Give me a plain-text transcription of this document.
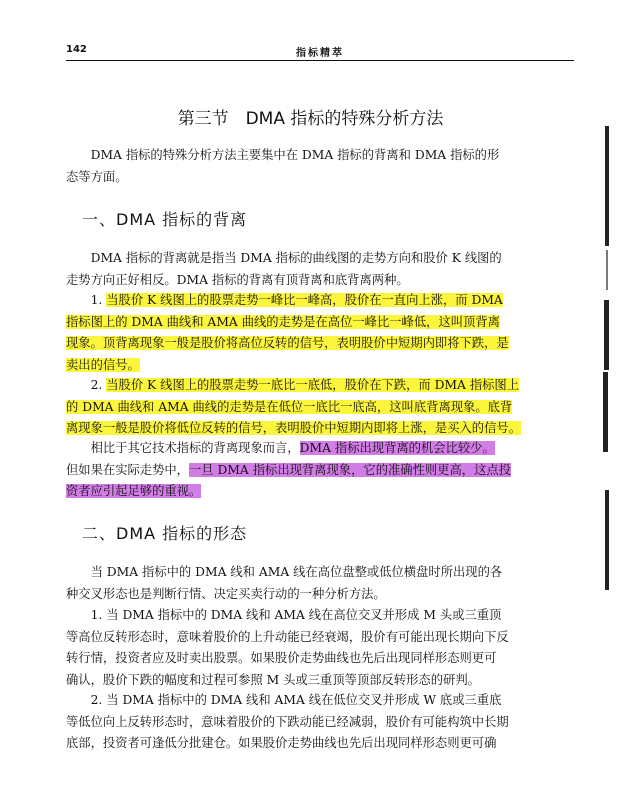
142	指标精萃
第三节　DMA 指标的特殊分析方法
DMA 指标的特殊分析方法主要集中在 DMA 指标的背离和 DMA 指标的形
态等方面。
一、DMA 指标的背离
DMA 指标的背离就是指当 DMA 指标的曲线图的走势方向和股价 K 线图的
走势方向正好相反。DMA 指标的背离有顶背离和底背离两种。
1. 当股价 K 线图上的股票走势一峰比一峰高，股价在一直向上涨，而 DMA
指标图上的 DMA 曲线和 AMA 曲线的走势是在高位一峰比一峰低，这叫顶背离
现象。顶背离现象一般是股价将高位反转的信号，表明股价中短期内即将下跌，是
卖出的信号。
2. 当股价 K 线图上的股票走势一底比一底低，股价在下跌，而 DMA 指标图上
的 DMA 曲线和 AMA 曲线的走势是在低位一底比一底高，这叫底背离现象。底背
离现象一般是股价将低位反转的信号，表明股价中短期内即将上涨，是买入的信号。
相比于其它技术指标的背离现象而言，DMA 指标出现背离的机会比较少。
但如果在实际走势中，一旦 DMA 指标出现背离现象，它的准确性则更高，这点投
资者应引起足够的重视。
二、DMA 指标的形态
当 DMA 指标中的 DMA 线和 AMA 线在高位盘整或低位横盘时所出现的各
种交叉形态也是判断行情、决定买卖行动的一种分析方法。
1. 当 DMA 指标中的 DMA 线和 AMA 线在高位交叉并形成 M 头或三重顶
等高位反转形态时，意味着股价的上升动能已经衰竭，股价有可能出现长期向下反
转行情，投资者应及时卖出股票。如果股价走势曲线也先后出现同样形态则更可
确认，股价下跌的幅度和过程可参照 M 头或三重顶等顶部反转形态的研判。
2. 当 DMA 指标中的 DMA 线和 AMA 线在低位交叉并形成 W 底或三重底
等低位向上反转形态时，意味着股价的下跌动能已经减弱，股价有可能构筑中长期
底部，投资者可逢低分批建仓。如果股价走势曲线也先后出现同样形态则更可确
